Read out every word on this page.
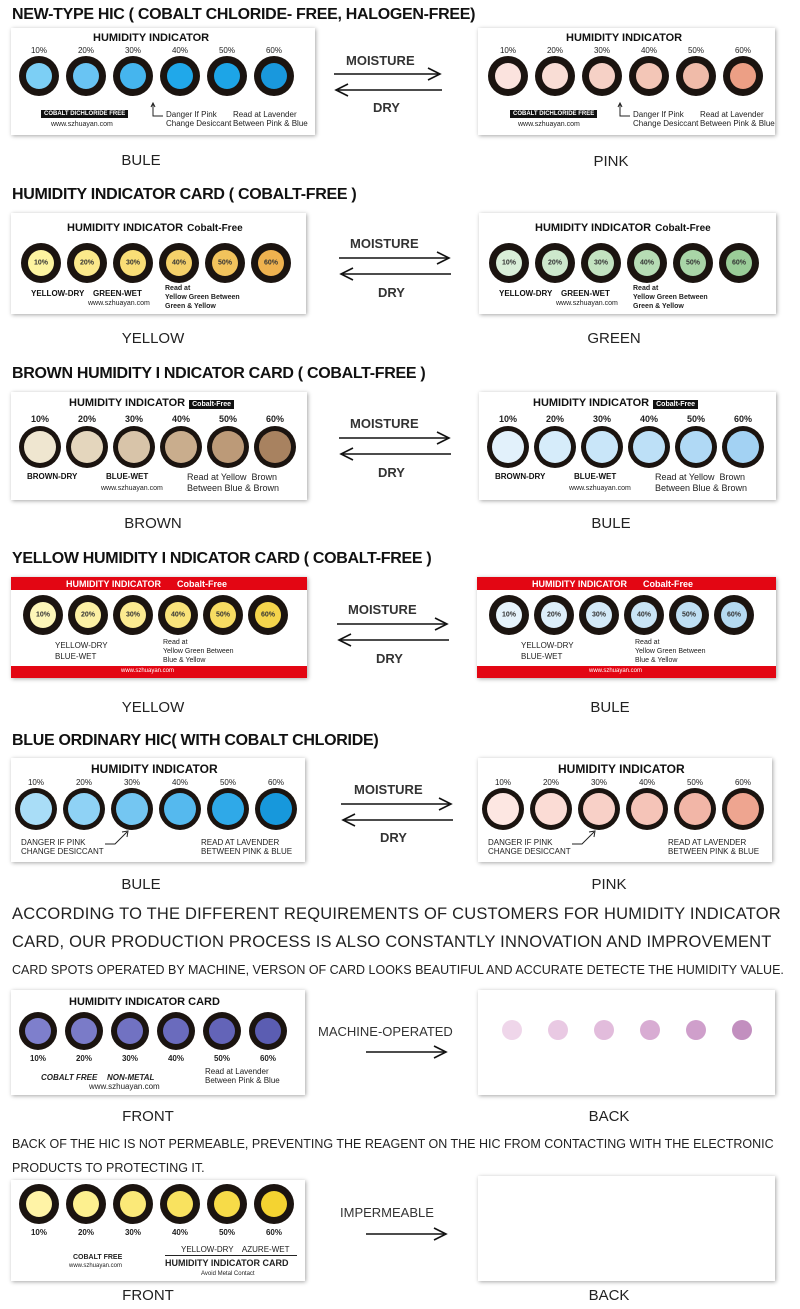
NEW-TYPE HIC ( COBALT CHLORIDE- FREE, HALOGEN-FREE)
HUMIDITY INDICATOR
COBALT DICHLORIDE FREE
www.szhuayan.com
Danger If Pink
Change Desiccant
Read at Lavender
Between Pink & Blue
10%	20%	30%	40%	50%	60%
MOISTURE
DRY
HUMIDITY INDICATOR
COBALT DICHLORIDE FREE
www.szhuayan.com
Danger If Pink
Change Desiccant
Read at Lavender
Between Pink & Blue
10%	20%	30%	40%	50%	60%
BULE	PINK
HUMIDITY INDICATOR CARD ( COBALT-FREE )
HUMIDITY INDICATOR Cobalt-Free
10%	20%	30%	40%	50%	60%
YELLOW-DRY GREEN-WET
www.szhuayan.com
Read at
Yellow Green Between
Green & Yellow
MOISTURE
DRY
HUMIDITY INDICATOR Cobalt-Free
10%	20%	30%	40%	50%	60%
YELLOW-DRY GREEN-WET
www.szhuayan.com
Read at
Yellow Green Between
Green & Yellow
YELLOW	GREEN
BROWN HUMIDITY I NDICATOR CARD ( COBALT-FREE )
HUMIDITY INDICATOR Cobalt-Free
BROWN-DRY	BLUE-WET
www.szhuayan.com
Read at Yellow  Brown
Between Blue & Brown
10%	20%	30%	40%	50%	60%	MOISTURE
DRY
HUMIDITY INDICATOR Cobalt-Free
BROWN-DRY	BLUE-WET
www.szhuayan.com
Read at Yellow  Brown
Between Blue & Brown
10%	20%	30%	40%	50%	60%
BROWN	BULE
YELLOW HUMIDITY I NDICATOR CARD ( COBALT-FREE )
HUMIDITY INDICATOR Cobalt-Free
10%	20%	30%	40%	50%	60%
YELLOW-DRY
BLUE-WET
Read at
Yellow Green Between
Blue & Yellow
www.szhuayan.com
MOISTURE
DRY
HUMIDITY INDICATOR Cobalt-Free
10%	20%	30%	40%	50%	60%
YELLOW-DRY
BLUE-WET
Read at
Yellow Green Between
Blue & Yellow
www.szhuayan.com
YELLOW	BULE
BLUE ORDINARY HIC( WITH COBALT CHLORIDE)
HUMIDITY INDICATOR
DANGER IF PINK
CHANGE DESICCANT
READ AT LAVENDER
BETWEEN PINK & BLUE
10%	20%	30%	40%	50%	60%	MOISTURE
DRY
HUMIDITY INDICATOR
DANGER IF PINK
CHANGE DESICCANT
READ AT LAVENDER
BETWEEN PINK & BLUE
10%	20%	30%	40%	50%	60%
BULE	PINK
ACCORDING TO THE DIFFERENT REQUIREMENTS OF CUSTOMERS FOR HUMIDITY INDICATOR
CARD, OUR PRODUCTION PROCESS IS ALSO CONSTANTLY INNOVATION AND IMPROVEMENT
CARD SPOTS OPERATED BY MACHINE, VERSON OF CARD LOOKS BEAUTIFUL AND ACCURATE DETECTE THE HUMIDITY VALUE.
HUMIDITY INDICATOR CARD
COBALT FREE NON-METAL
www.szhuayan.com
Read at Lavender
Between Pink & Blue
10%	20%	30%	40%	50%	60%
MACHINE-OPERATED
FRONT	BACK
BACK OF THE HIC IS NOT PERMEABLE, PREVENTING THE REAGENT ON THE HIC FROM CONTACTING WITH THE ELECTRONIC
PRODUCTS TO PROTECTING IT.
COBALT FREE
www.szhuayan.com
YELLOW-DRY    AZURE-WET
HUMIDITY INDICATOR CARD
Avoid Metal Contact
10%	20%	30%	40%	50%	60%
IMPERMEABLE
FRONT	BACK
